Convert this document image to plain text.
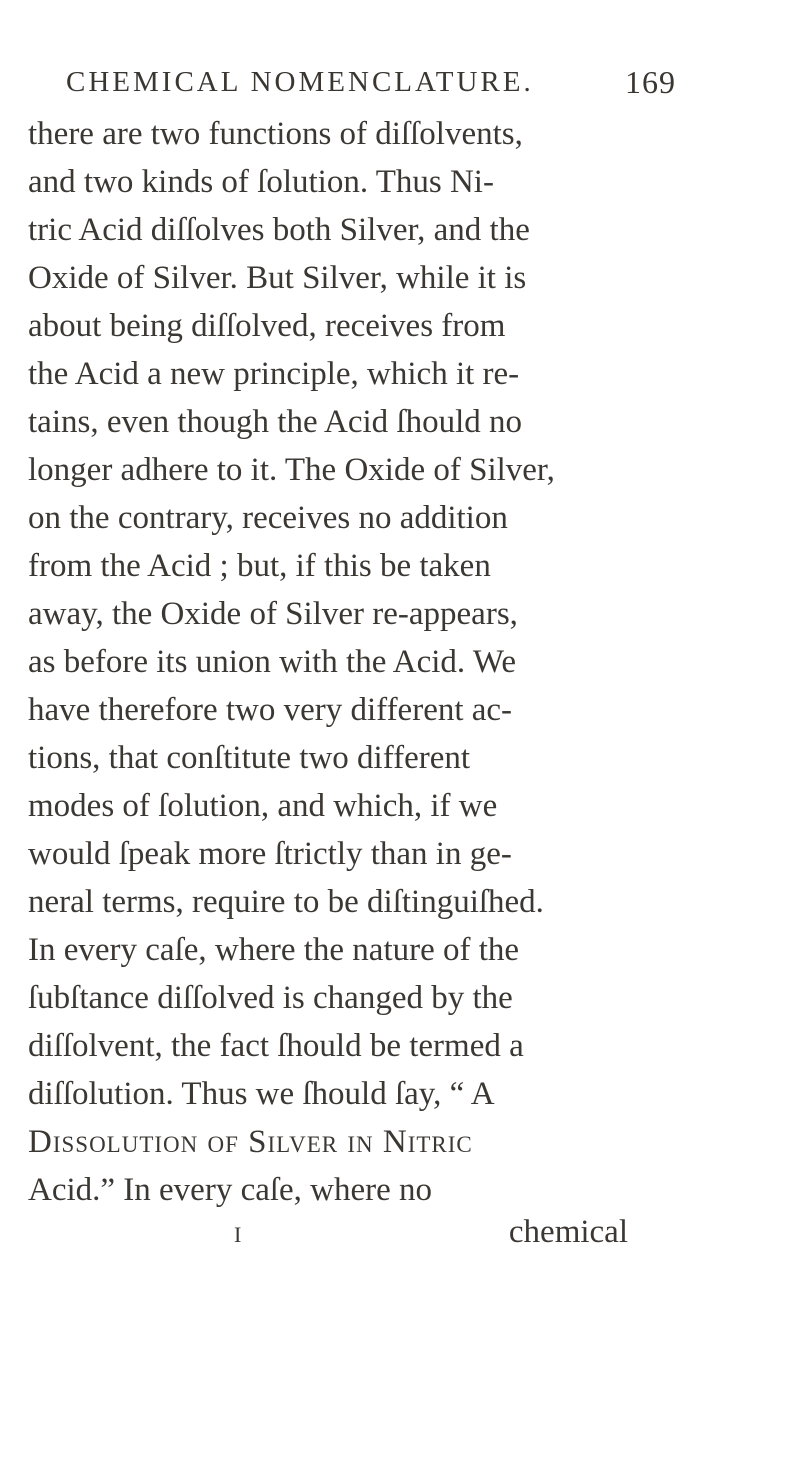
CHEMICAL NOMENCLATURE.	169
there are two functions of diſſolvents,
and two kinds of ſolution. Thus Ni-
tric Acid diſſolves both Silver, and the
Oxide of Silver. But Silver, while it is
about being diſſolved, receives from
the Acid a new principle, which it re-
tains, even though the Acid ſhould no
longer adhere to it. The Oxide of Silver,
on the contrary, receives no addition
from the Acid ; but, if this be taken
away, the Oxide of Silver re-appears,
as before its union with the Acid. We
have therefore two very different ac-
tions, that conſtitute two different
modes of ſolution, and which, if we
would ſpeak more ſtrictly than in ge-
neral terms, require to be diſtinguiſhed.
In every caſe, where the nature of the
ſubſtance diſſolved is changed by the
diſſolvent, the fact ſhould be termed a
diſſolution. Thus we ſhould ſay, “ A
Dissolution of Silver in Nitric
Acid.” In every caſe, where no
I	chemical
